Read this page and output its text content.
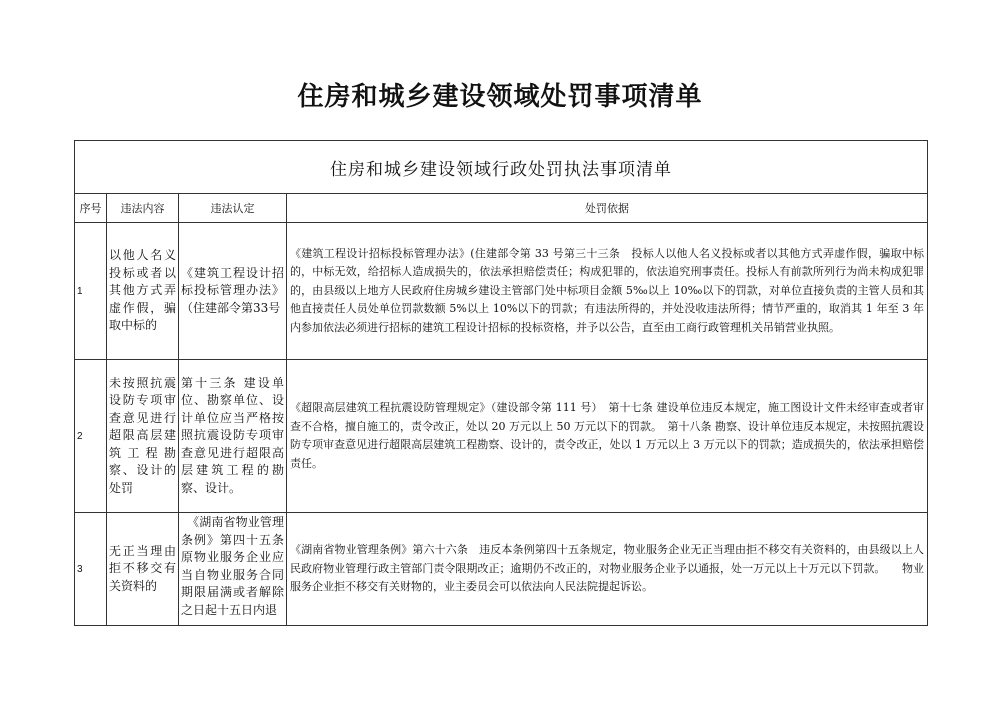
住房和城乡建设领域处罚事项清单
住房和城乡建设领域行政处罚执法事项清单			
序号	违法内容	违法认定	处罚依据
1	以他人名义投标或者以其他方式弄虚作假，骗取中标的	《建筑工程设计招标投标管理办法》（住建部令第33号	《建筑工程设计招标投标管理办法》(住建部令第 33 号第三十三条　投标人以他人名义投标或者以其他方式弄虚作假，骗取中标的，中标无效，给招标人造成损失的，依法承担赔偿责任；构成犯罪的，依法追究刑事责任。投标人有前款所列行为尚未构成犯罪的，由县级以上地方人民政府住房城乡建设主管部门处中标项目金额 5‰以上 10‰以下的罚款，对单位直接负责的主管人员和其他直接责任人员处单位罚款数额 5%以上 10%以下的罚款；有违法所得的，并处没收违法所得；情节严重的，取消其 1 年至 3 年内参加依法必须进行招标的建筑工程设计招标的投标资格，并予以公告，直至由工商行政管理机关吊销营业执照。
2	未按照抗震设防专项审查意见进行超限高层建筑工程勘察、设计的处罚	第十三条 建设单位、勘察单位、设计单位应当严格按照抗震设防专项审查意见进行超限高层建筑工程的勘察、设计。	《超限高层建筑工程抗震设防管理规定》（建设部令第 111 号）　第十七条 建设单位违反本规定，施工图设计文件未经审查或者审查不合格，擅自施工的，责令改正，处以 20 万元以上 50 万元以下的罚款。　第十八条 勘察、设计单位违反本规定，未按照抗震设防专项审查意见进行超限高层建筑工程勘察、设计的，责令改正，处以 1 万元以上 3 万元以下的罚款；造成损失的，依法承担赔偿责任。
3	无正当理由拒不移交有关资料的	　《湖南省物业管理条例》第四十五条原物业服务企业应当自物业服务合同期限届满或者解除之日起十五日内退	《湖南省物业管理条例》第六十六条　违反本条例第四十五条规定，物业服务企业无正当理由拒不移交有关资料的，由县级以上人民政府物业管理行政主管部门责令限期改正；逾期仍不改正的，对物业服务企业予以通报，处一万元以上十万元以下罚款。　　物业服务企业拒不移交有关财物的，业主委员会可以依法向人民法院提起诉讼。
